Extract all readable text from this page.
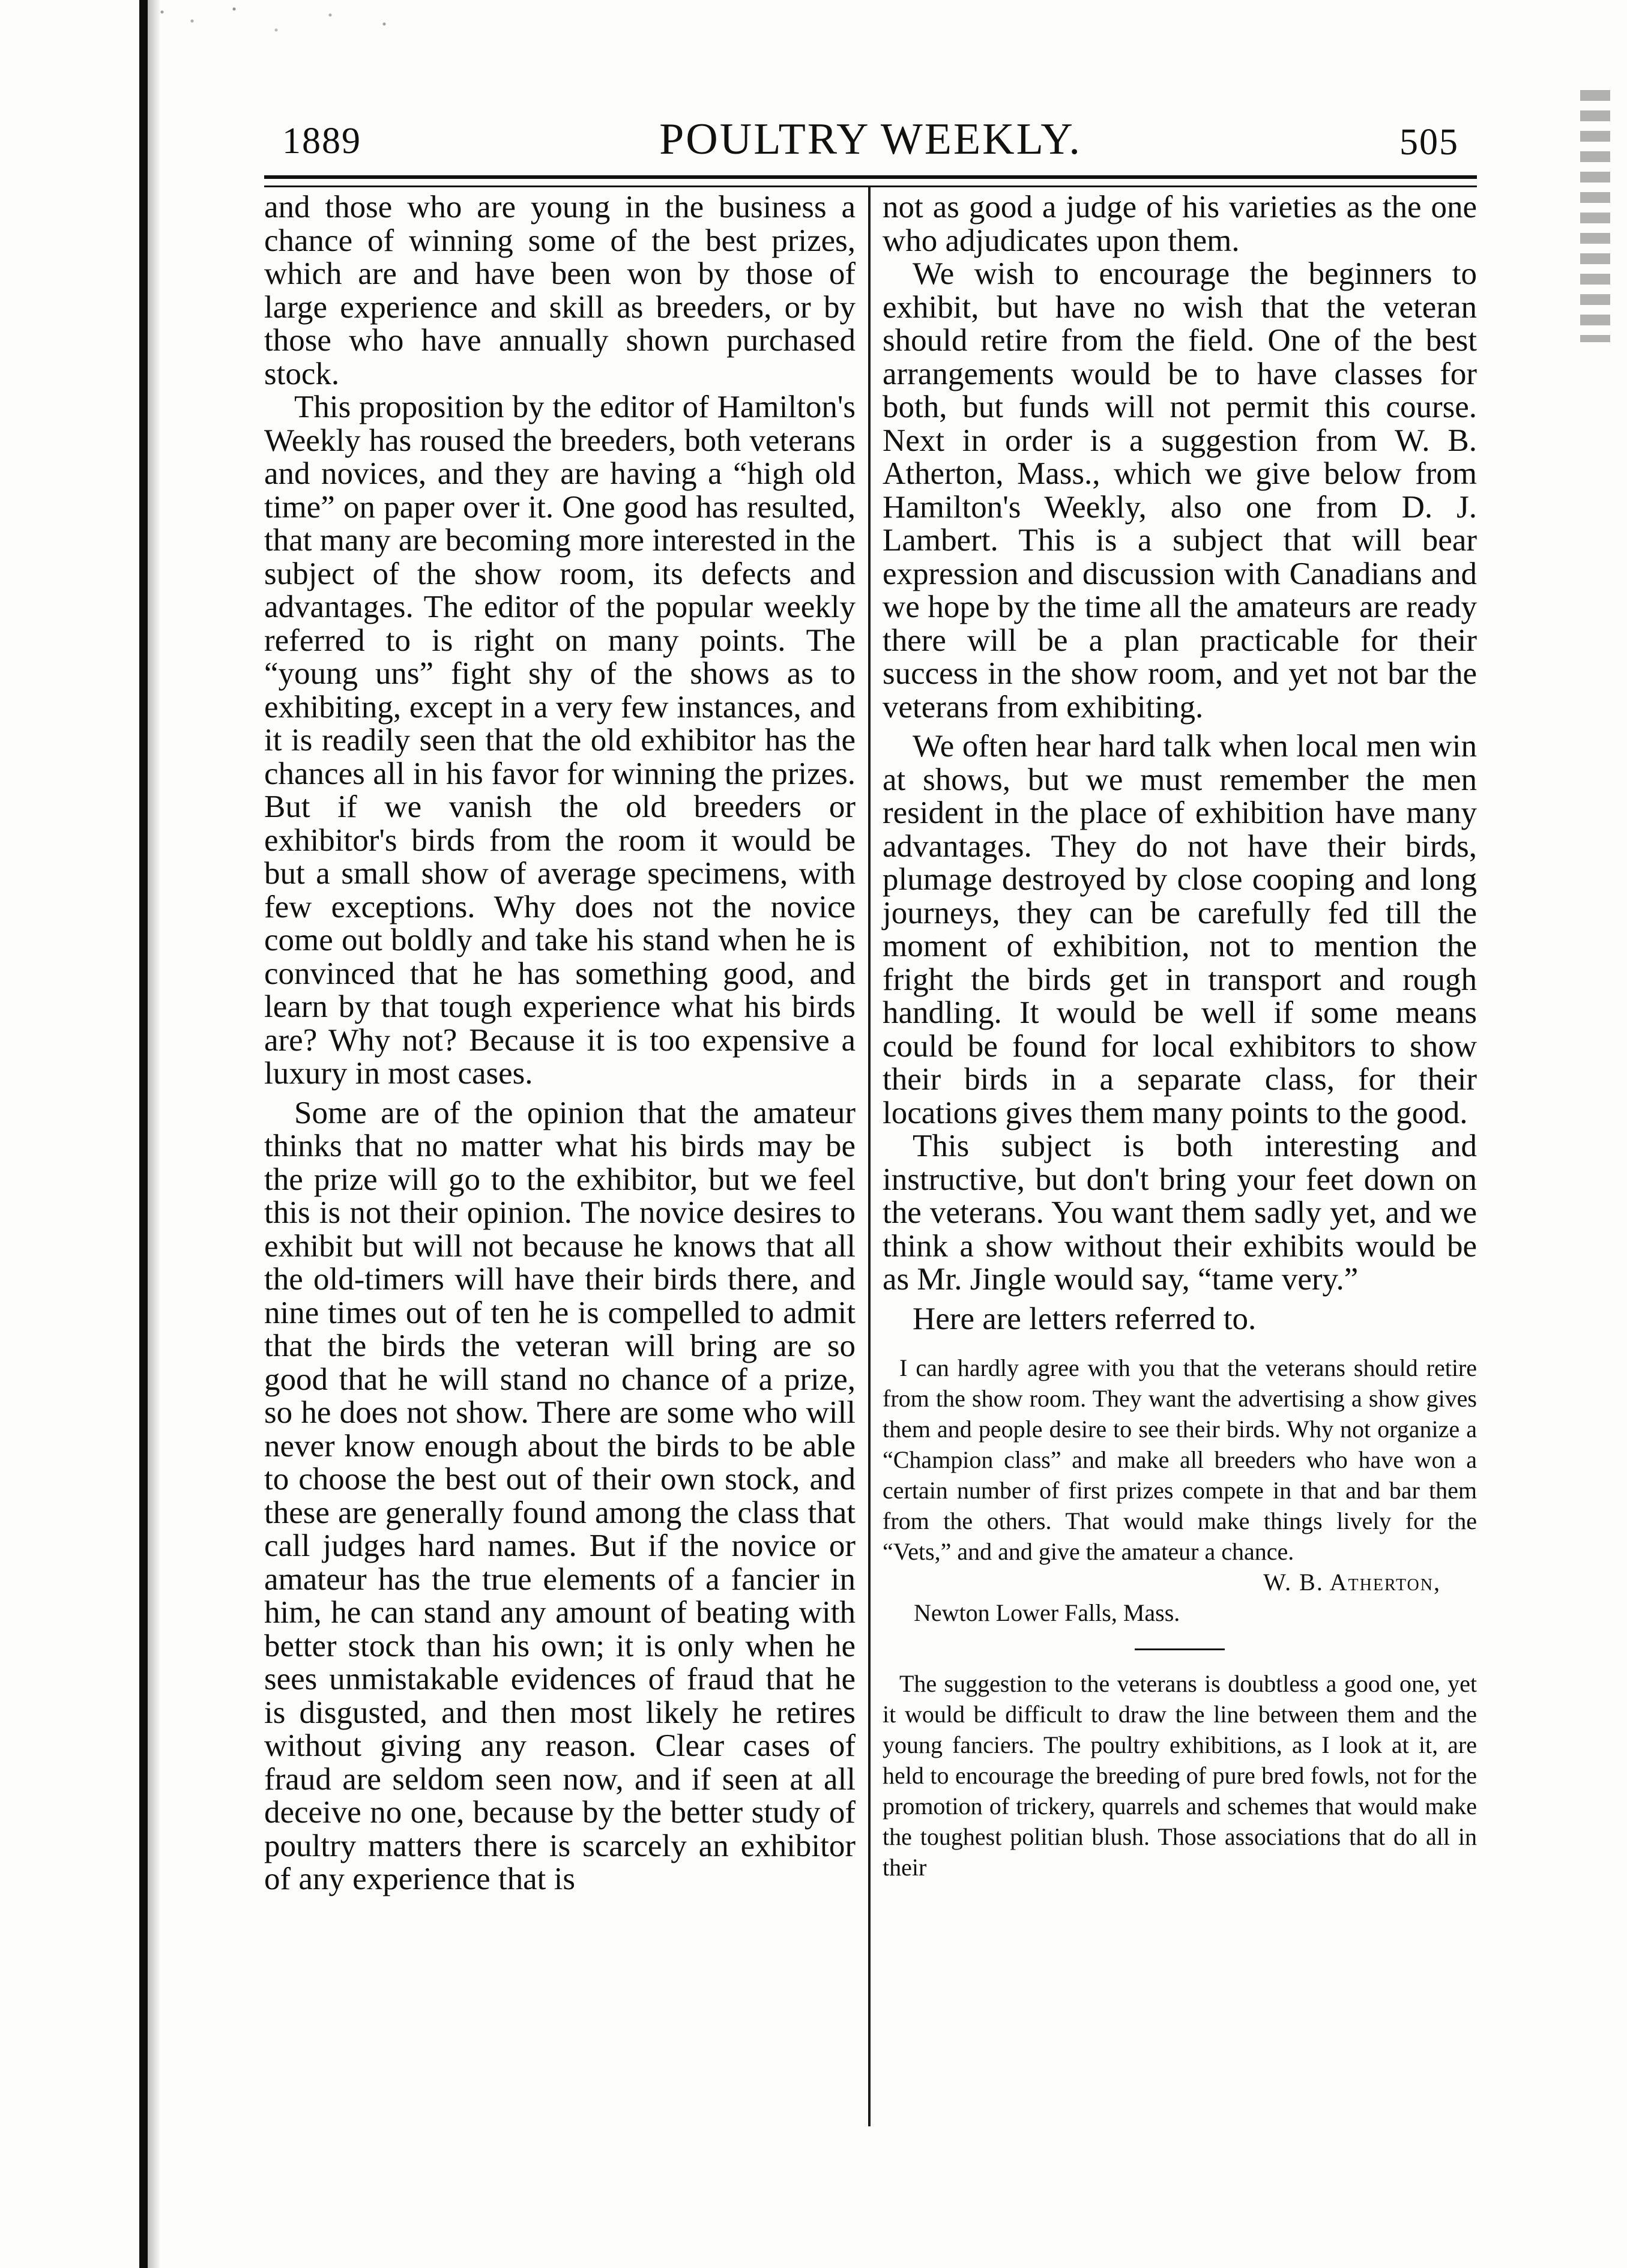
1889	POULTRY WEEKLY.	505

and those who are young in the business a chance of winning some of the best prizes, which are and have been won by those of large experience and skill as breeders, or by those who have annually shown purchased stock.

This proposition by the editor of Hamilton's Weekly has roused the breeders, both veterans and novices, and they are having a “high old time” on paper over it. One good has resulted, that many are becoming more interested in the subject of the show room, its defects and advantages. The editor of the popular weekly referred to is right on many points. The “young uns” fight shy of the shows as to exhibiting, except in a very few instances, and it is readily seen that the old exhibitor has the chances all in his favor for winning the prizes. But if we vanish the old breeders or exhibitor's birds from the room it would be but a small show of average specimens, with few exceptions. Why does not the novice come out boldly and take his stand when he is convinced that he has something good, and learn by that tough experience what his birds are? Why not? Because it is too expensive a luxury in most cases.

Some are of the opinion that the amateur thinks that no matter what his birds may be the prize will go to the exhibitor, but we feel this is not their opinion. The novice desires to exhibit but will not because he knows that all the old-timers will have their birds there, and nine times out of ten he is compelled to admit that the birds the veteran will bring are so good that he will stand no chance of a prize, so he does not show. There are some who will never know enough about the birds to be able to choose the best out of their own stock, and these are generally found among the class that call judges hard names. But if the novice or amateur has the true elements of a fancier in him, he can stand any amount of beating with better stock than his own; it is only when he sees unmistakable evidences of fraud that he is disgusted, and then most likely he retires without giving any reason. Clear cases of fraud are seldom seen now, and if seen at all deceive no one, because by the better study of poultry matters there is scarcely an exhibitor of any experience that is

not as good a judge of his varieties as the one who adjudicates upon them.

We wish to encourage the beginners to exhibit, but have no wish that the veteran should retire from the field. One of the best arrangements would be to have classes for both, but funds will not permit this course. Next in order is a suggestion from W. B. Atherton, Mass., which we give below from Hamilton's Weekly, also one from D. J. Lambert. This is a subject that will bear expression and discussion with Canadians and we hope by the time all the amateurs are ready there will be a plan practicable for their success in the show room, and yet not bar the veterans from exhibiting.

We often hear hard talk when local men win at shows, but we must remember the men resident in the place of exhibition have many advantages. They do not have their birds, plumage destroyed by close cooping and long journeys, they can be carefully fed till the moment of exhibition, not to mention the fright the birds get in transport and rough handling. It would be well if some means could be found for local exhibitors to show their birds in a separate class, for their locations gives them many points to the good.

This subject is both interesting and instructive, but don't bring your feet down on the veterans. You want them sadly yet, and we think a show without their exhibits would be as Mr. Jingle would say, “tame very.”

Here are letters referred to.

I can hardly agree with you that the veterans should retire from the show room. They want the advertising a show gives them and people desire to see their birds. Why not organize a “Champion class” and make all breeders who have won a certain number of first prizes compete in that and bar them from the others. That would make things lively for the “Vets,” and and give the amateur a chance.

W. B. Atherton,
Newton Lower Falls, Mass.

The suggestion to the veterans is doubtless a good one, yet it would be difficult to draw the line between them and the young fanciers. The poultry exhibitions, as I look at it, are held to encourage the breeding of pure bred fowls, not for the promotion of trickery, quarrels and schemes that would make the toughest politian blush. Those associations that do all in their
